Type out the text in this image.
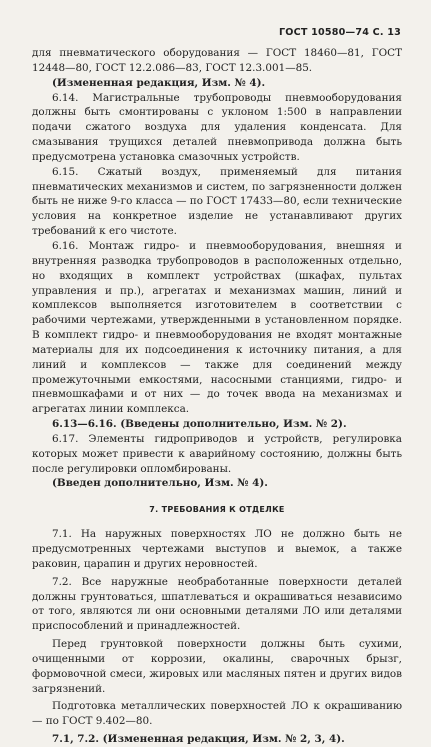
ГОСТ 10580—74 С. 13

для пневматического оборудования — ГОСТ 18460—81, ГОСТ 12448—80, ГОСТ 12.2.086—83, ГОСТ 12.3.001—85.

(Измененная редакция, Изм. № 4).

6.14. Магистральные трубопроводы пневмооборудования должны быть смонтированы с уклоном 1:500 в направлении подачи сжатого воздуха для удаления конденсата. Для смазывания трущихся деталей пневмопривода должна быть предусмотрена установка смазочных устройств.

6.15. Сжатый воздух, применяемый для питания пневматических механизмов и систем, по загрязненности должен быть не ниже 9-го класса — по ГОСТ 17433—80, если технические условия на конкретное изделие не устанавливают других требований к его чистоте.

6.16. Монтаж гидро- и пневмооборудования, внешняя и внутренняя разводка трубопроводов в расположенных отдельно, но входящих в комплект устройствах (шкафах, пультах управления и пр.), агрегатах и механизмах машин, линий и комплексов выполняется изготовителем в соответствии с рабочими чертежами, утвержденными в установленном порядке. В комплект гидро- и пневмооборудования не входят монтажные материалы для их подсоединения к источнику питания, а для линий и комплексов — также для соединений между промежуточными емкостями, насосными станциями, гидро- и пневмошкафами и от них — до точек ввода на механизмах и агрегатах линии комплекса.

6.13—6.16. (Введены дополнительно, Изм. № 2).

6.17. Элементы гидроприводов и устройств, регулировка которых может привести к аварийному состоянию, должны быть после регулировки опломбированы.

(Введен дополнительно, Изм. № 4).

7. ТРЕБОВАНИЯ К ОТДЕЛКЕ

7.1. На наружных поверхностях ЛО не должно быть не предусмотренных чертежами выступов и выемок, а также раковин, царапин и других неровностей.

7.2. Все наружные необработанные поверхности деталей должны грунтоваться, шпатлеваться и окрашиваться независимо от того, являются ли они основными деталями ЛО или деталями приспособлений и принадлежностей.

Перед грунтовкой поверхности должны быть сухими, очищенными от коррозии, окалины, сварочных брызг, формовочной смеси, жировых или масляных пятен и других видов загрязнений.

Подготовка металлических поверхностей ЛО к окрашиванию — по ГОСТ 9.402—80.

7.1, 7.2. (Измененная редакция, Изм. № 2, 3, 4).
